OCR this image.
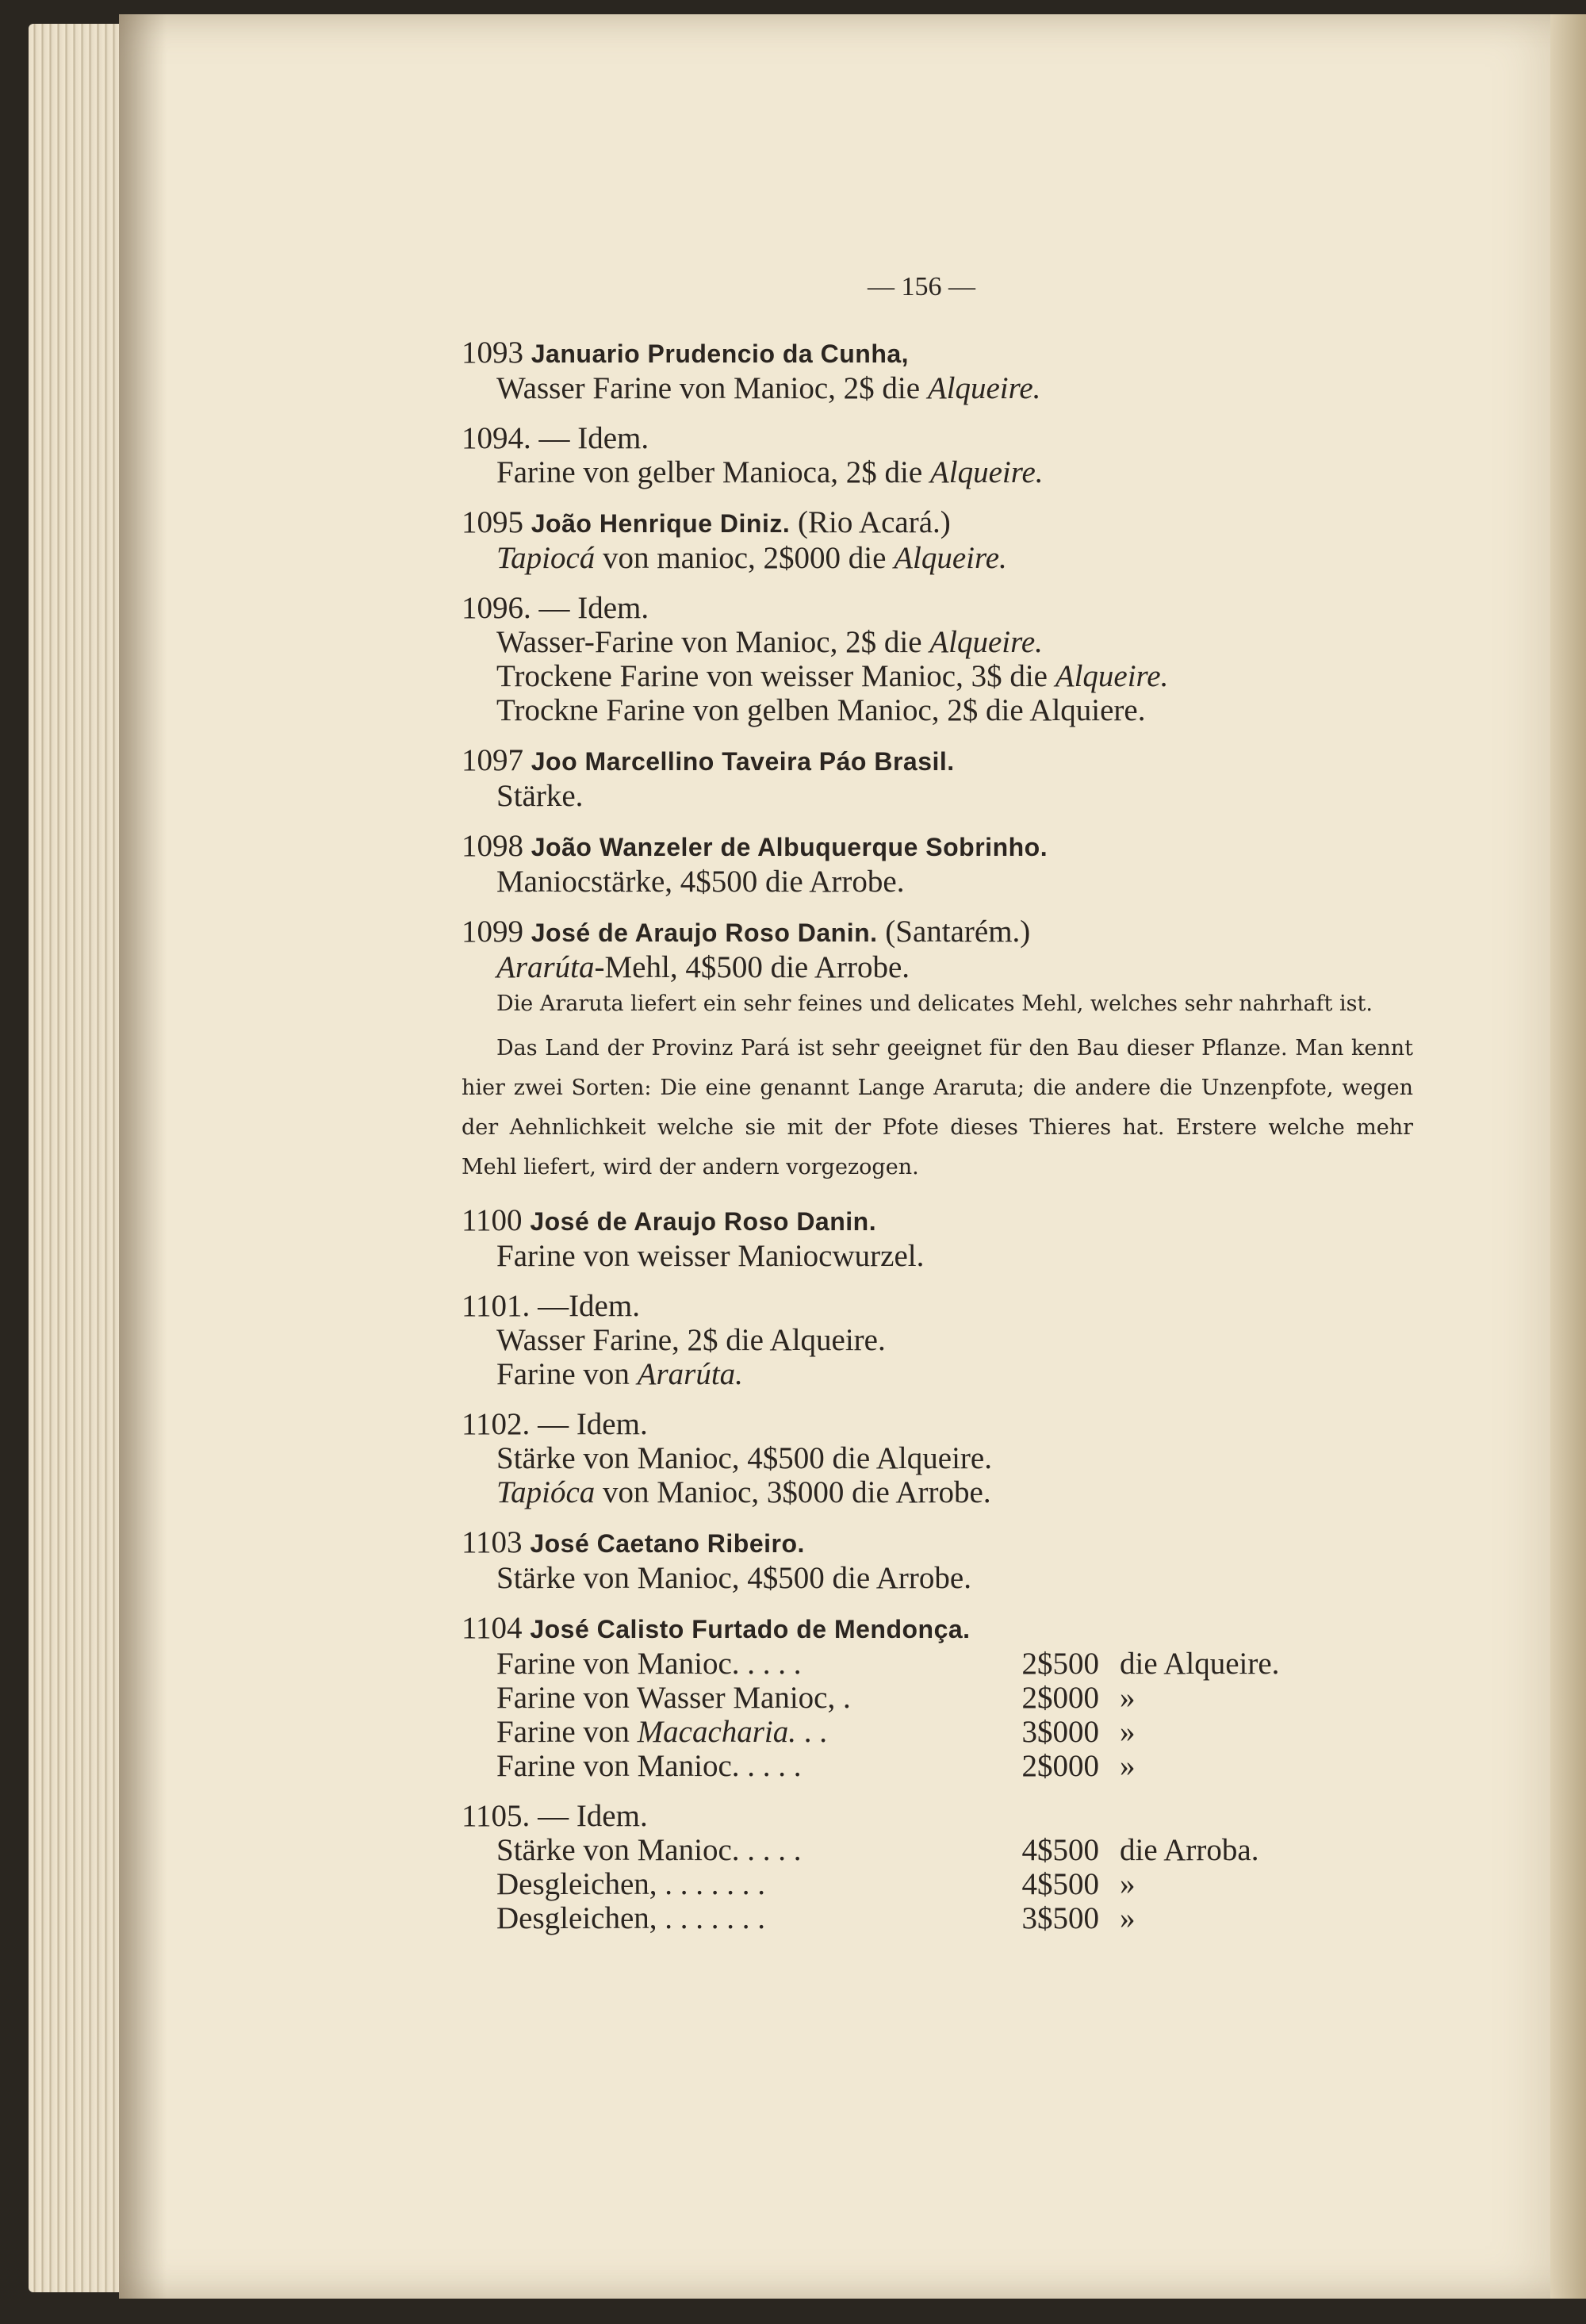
— 156 —
1093 Januario Prudencio da Cunha,
Wasser Farine von Manioc, 2$ die Alqueire.
1094. — Idem.
Farine von gelber Manioca, 2$ die Alqueire.
1095 João Henrique Diniz. (Rio Acará.)
Tapiocá von manioc, 2$000 die Alqueire.
1096. — Idem.
Wasser-Farine von Manioc, 2$ die Alqueire.
Trockene Farine von weisser Manioc, 3$ die Alqueire.
Trockne Farine von gelben Manioc, 2$ die Alquiere.
1097 Joo Marcellino Taveira Páo Brasil.
Stärke.
1098 João Wanzeler de Albuquerque Sobrinho.
Maniocstärke, 4$500 die Arrobe.
1099 José de Araujo Roso Danin. (Santarém.)
Ararúta-Mehl, 4$500 die Arrobe.
Die Araruta liefert ein sehr feines und delicates Mehl, welches sehr nahrhaft ist.
Das Land der Provinz Pará ist sehr geeignet für den Bau dieser Pflanze. Man kennt hier zwei Sorten: Die eine genannt Lange Araruta; die andere die Unzenpfote, wegen der Aehnlichkeit welche sie mit der Pfote dieses Thieres hat. Erstere welche mehr Mehl liefert, wird der andern vorgezogen.
1100 José de Araujo Roso Danin.
Farine von weisser Maniocwurzel.
1101. —Idem.
Wasser Farine, 2$ die Alqueire.
Farine von Ararúta.
1102. — Idem.
Stärke von Manioc, 4$500 die Alqueire.
Tapióca von Manioc, 3$000 die Arrobe.
1103 José Caetano Ribeiro.
Stärke von Manioc, 4$500 die Arrobe.
1104 José Calisto Furtado de Mendonça.
Farine von Manioc. . . . .	2$500 die Alqueire.
Farine von Wasser Manioc, .	2$000 »
Farine von Macacharia. . .	3$000 »
Farine von Manioc. . . . .	2$000 »
1105. — Idem.
Stärke von Manioc. . . . .	4$500 die Arroba.
Desgleichen, . . . . . . .	4$500 »
Desgleichen, . . . . . . .	3$500 »
